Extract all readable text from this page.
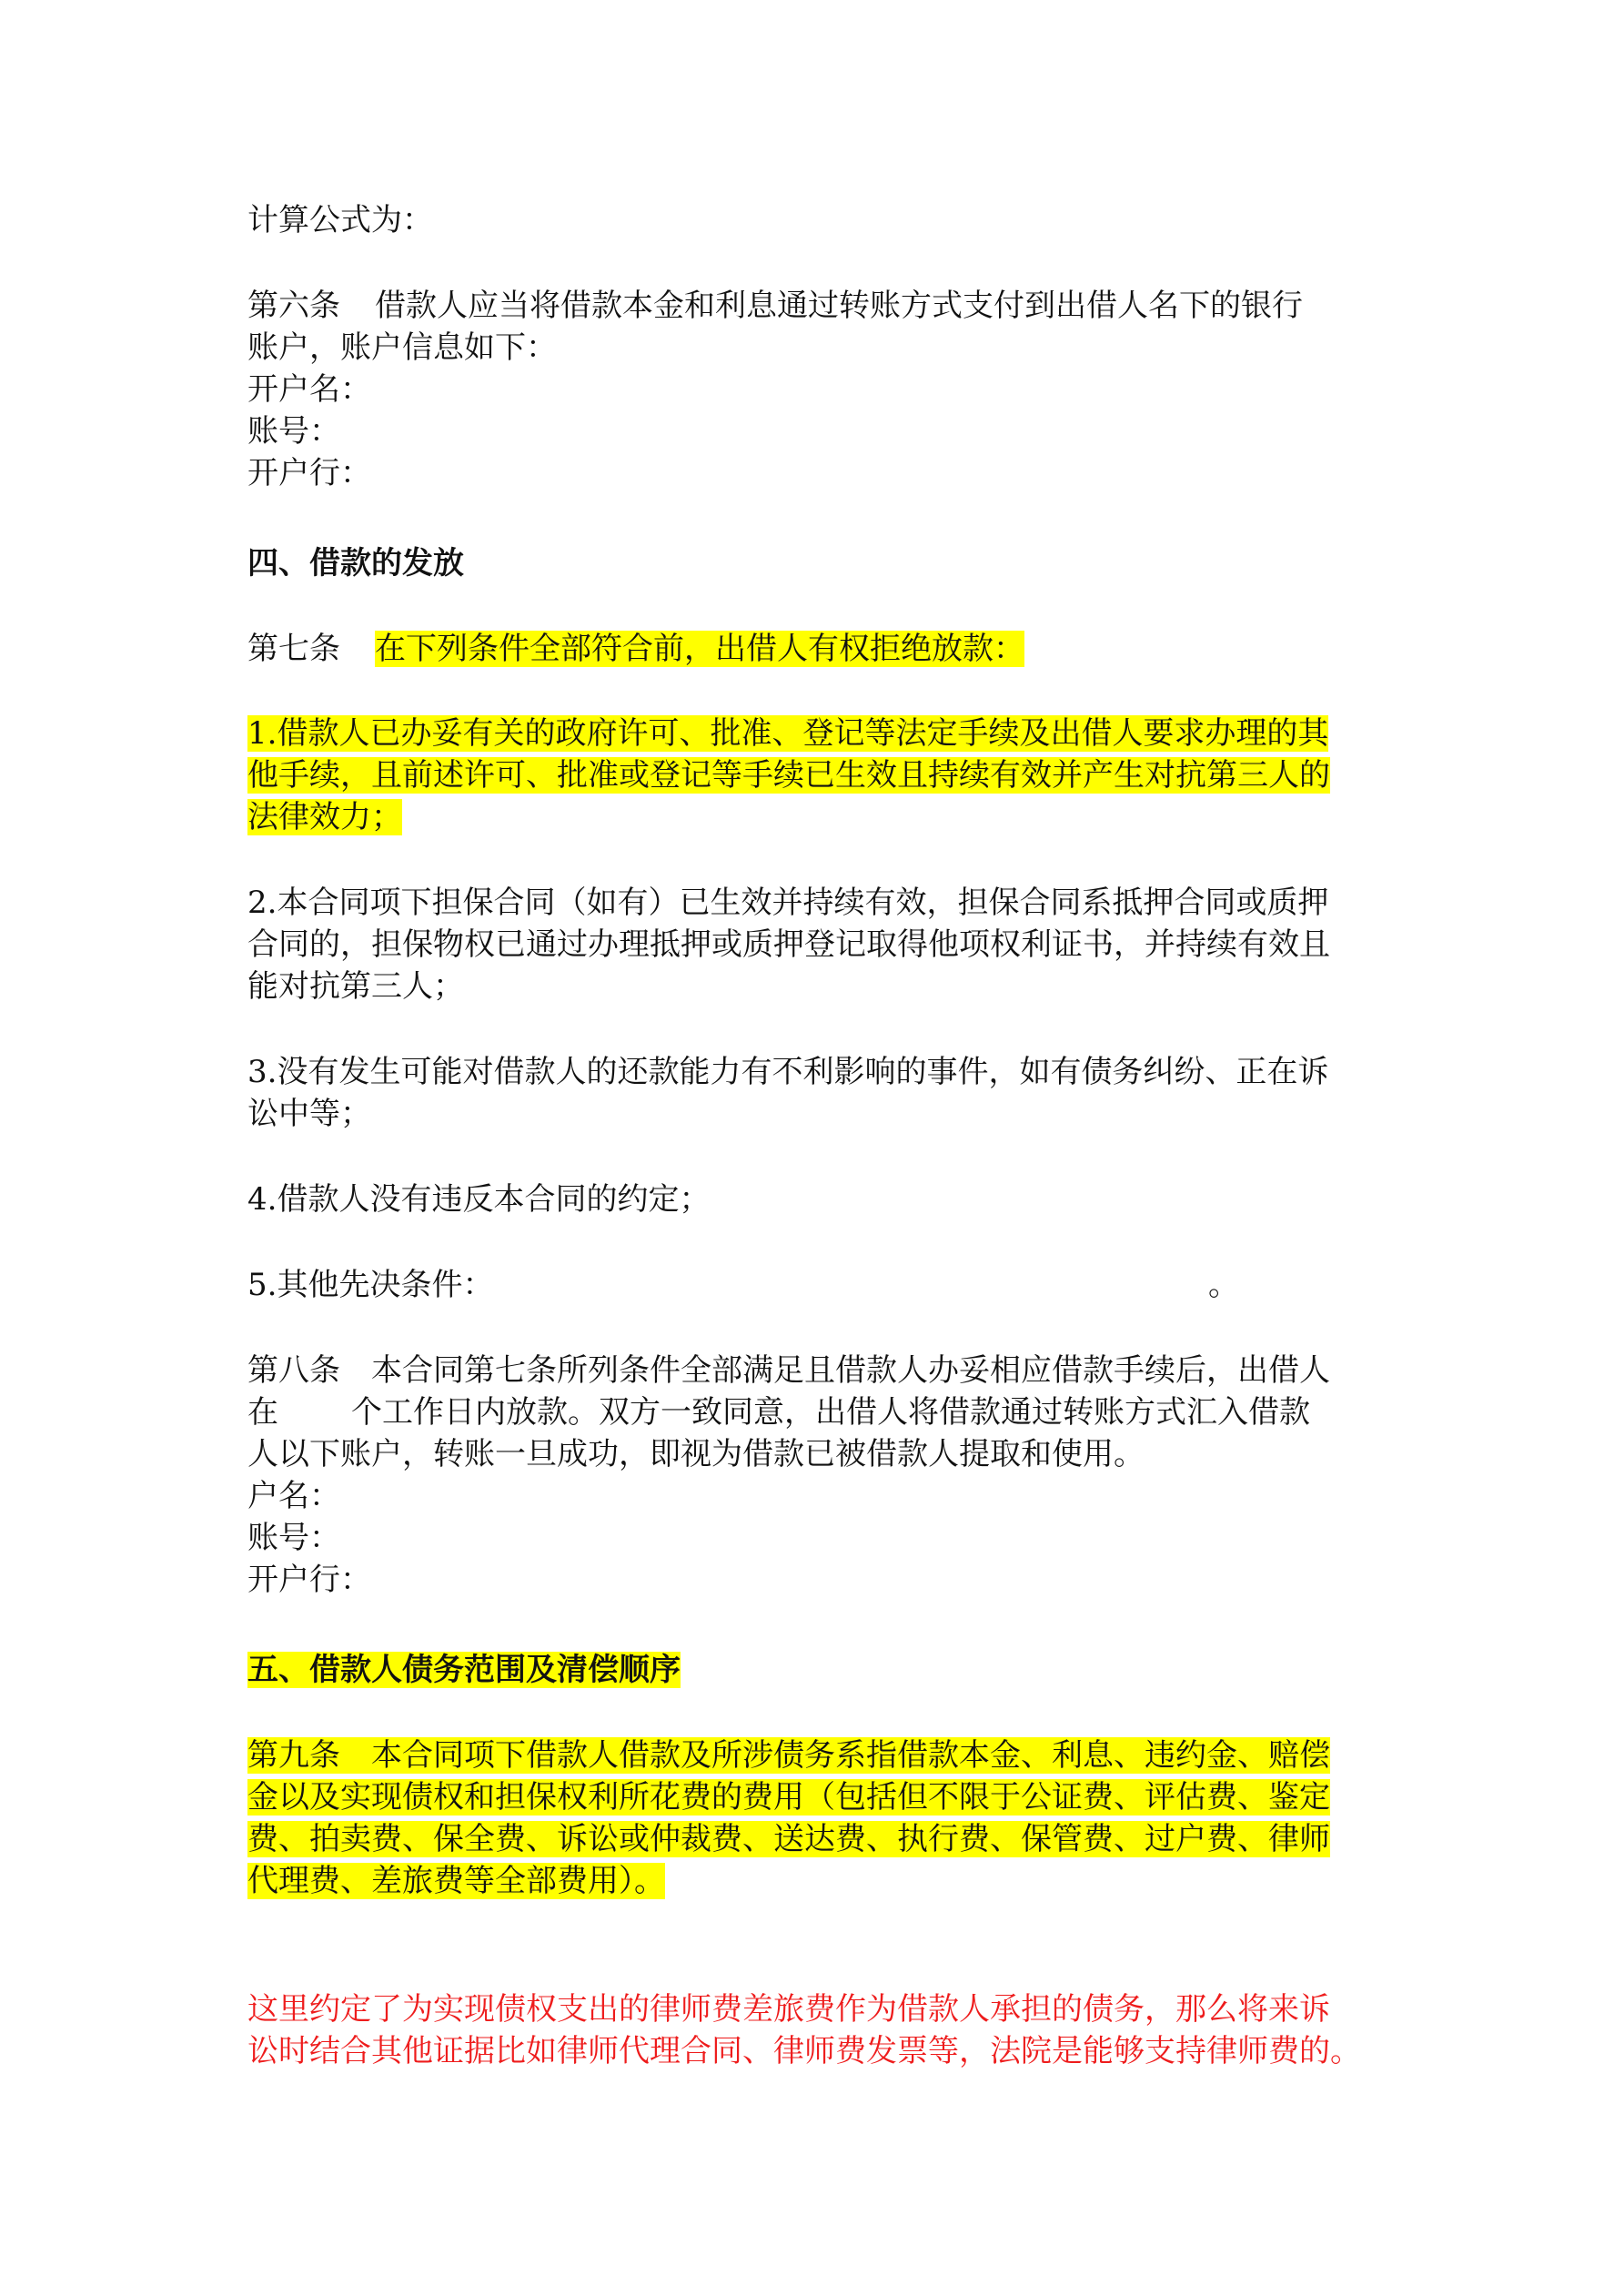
计算公式为：

第六条 借款人应当将借款本金和利息通过转账方式支付到出借人名下的银行

账户，账户信息如下：

开户名：

账号：

开户行：

四、借款的发放

第七条 在下列条件全部符合前，出借人有权拒绝放款：

1.借款人已办妥有关的政府许可、批准、登记等法定手续及出借人要求办理的其

他手续，且前述许可、批准或登记等手续已生效且持续有效并产生对抗第三人的

法律效力；

2.本合同项下担保合同（如有）已生效并持续有效，担保合同系抵押合同或质押

合同的，担保物权已通过办理抵押或质押登记取得他项权利证书，并持续有效且

能对抗第三人；

3.没有发生可能对借款人的还款能力有不利影响的事件，如有债务纠纷、正在诉

讼中等；

4.借款人没有违反本合同的约定；

5.其他先决条件：	。

第八条　本合同第七条所列条件全部满足且借款人办妥相应借款手续后，出借人

在 个工作日内放款。双方一致同意，出借人将借款通过转账方式汇入借款

人以下账户，转账一旦成功，即视为借款已被借款人提取和使用。

户名：

账号：

开户行：

五、借款人债务范围及清偿顺序

第九条　本合同项下借款人借款及所涉债务系指借款本金、利息、违约金、赔偿

金以及实现债权和担保权利所花费的费用（包括但不限于公证费、评估费、鉴定

费、拍卖费、保全费、诉讼或仲裁费、送达费、执行费、保管费、过户费、律师

代理费、差旅费等全部费用）。

这里约定了为实现债权支出的律师费差旅费作为借款人承担的债务，那么将来诉

讼时结合其他证据比如律师代理合同、律师费发票等，法院是能够支持律师费的。
